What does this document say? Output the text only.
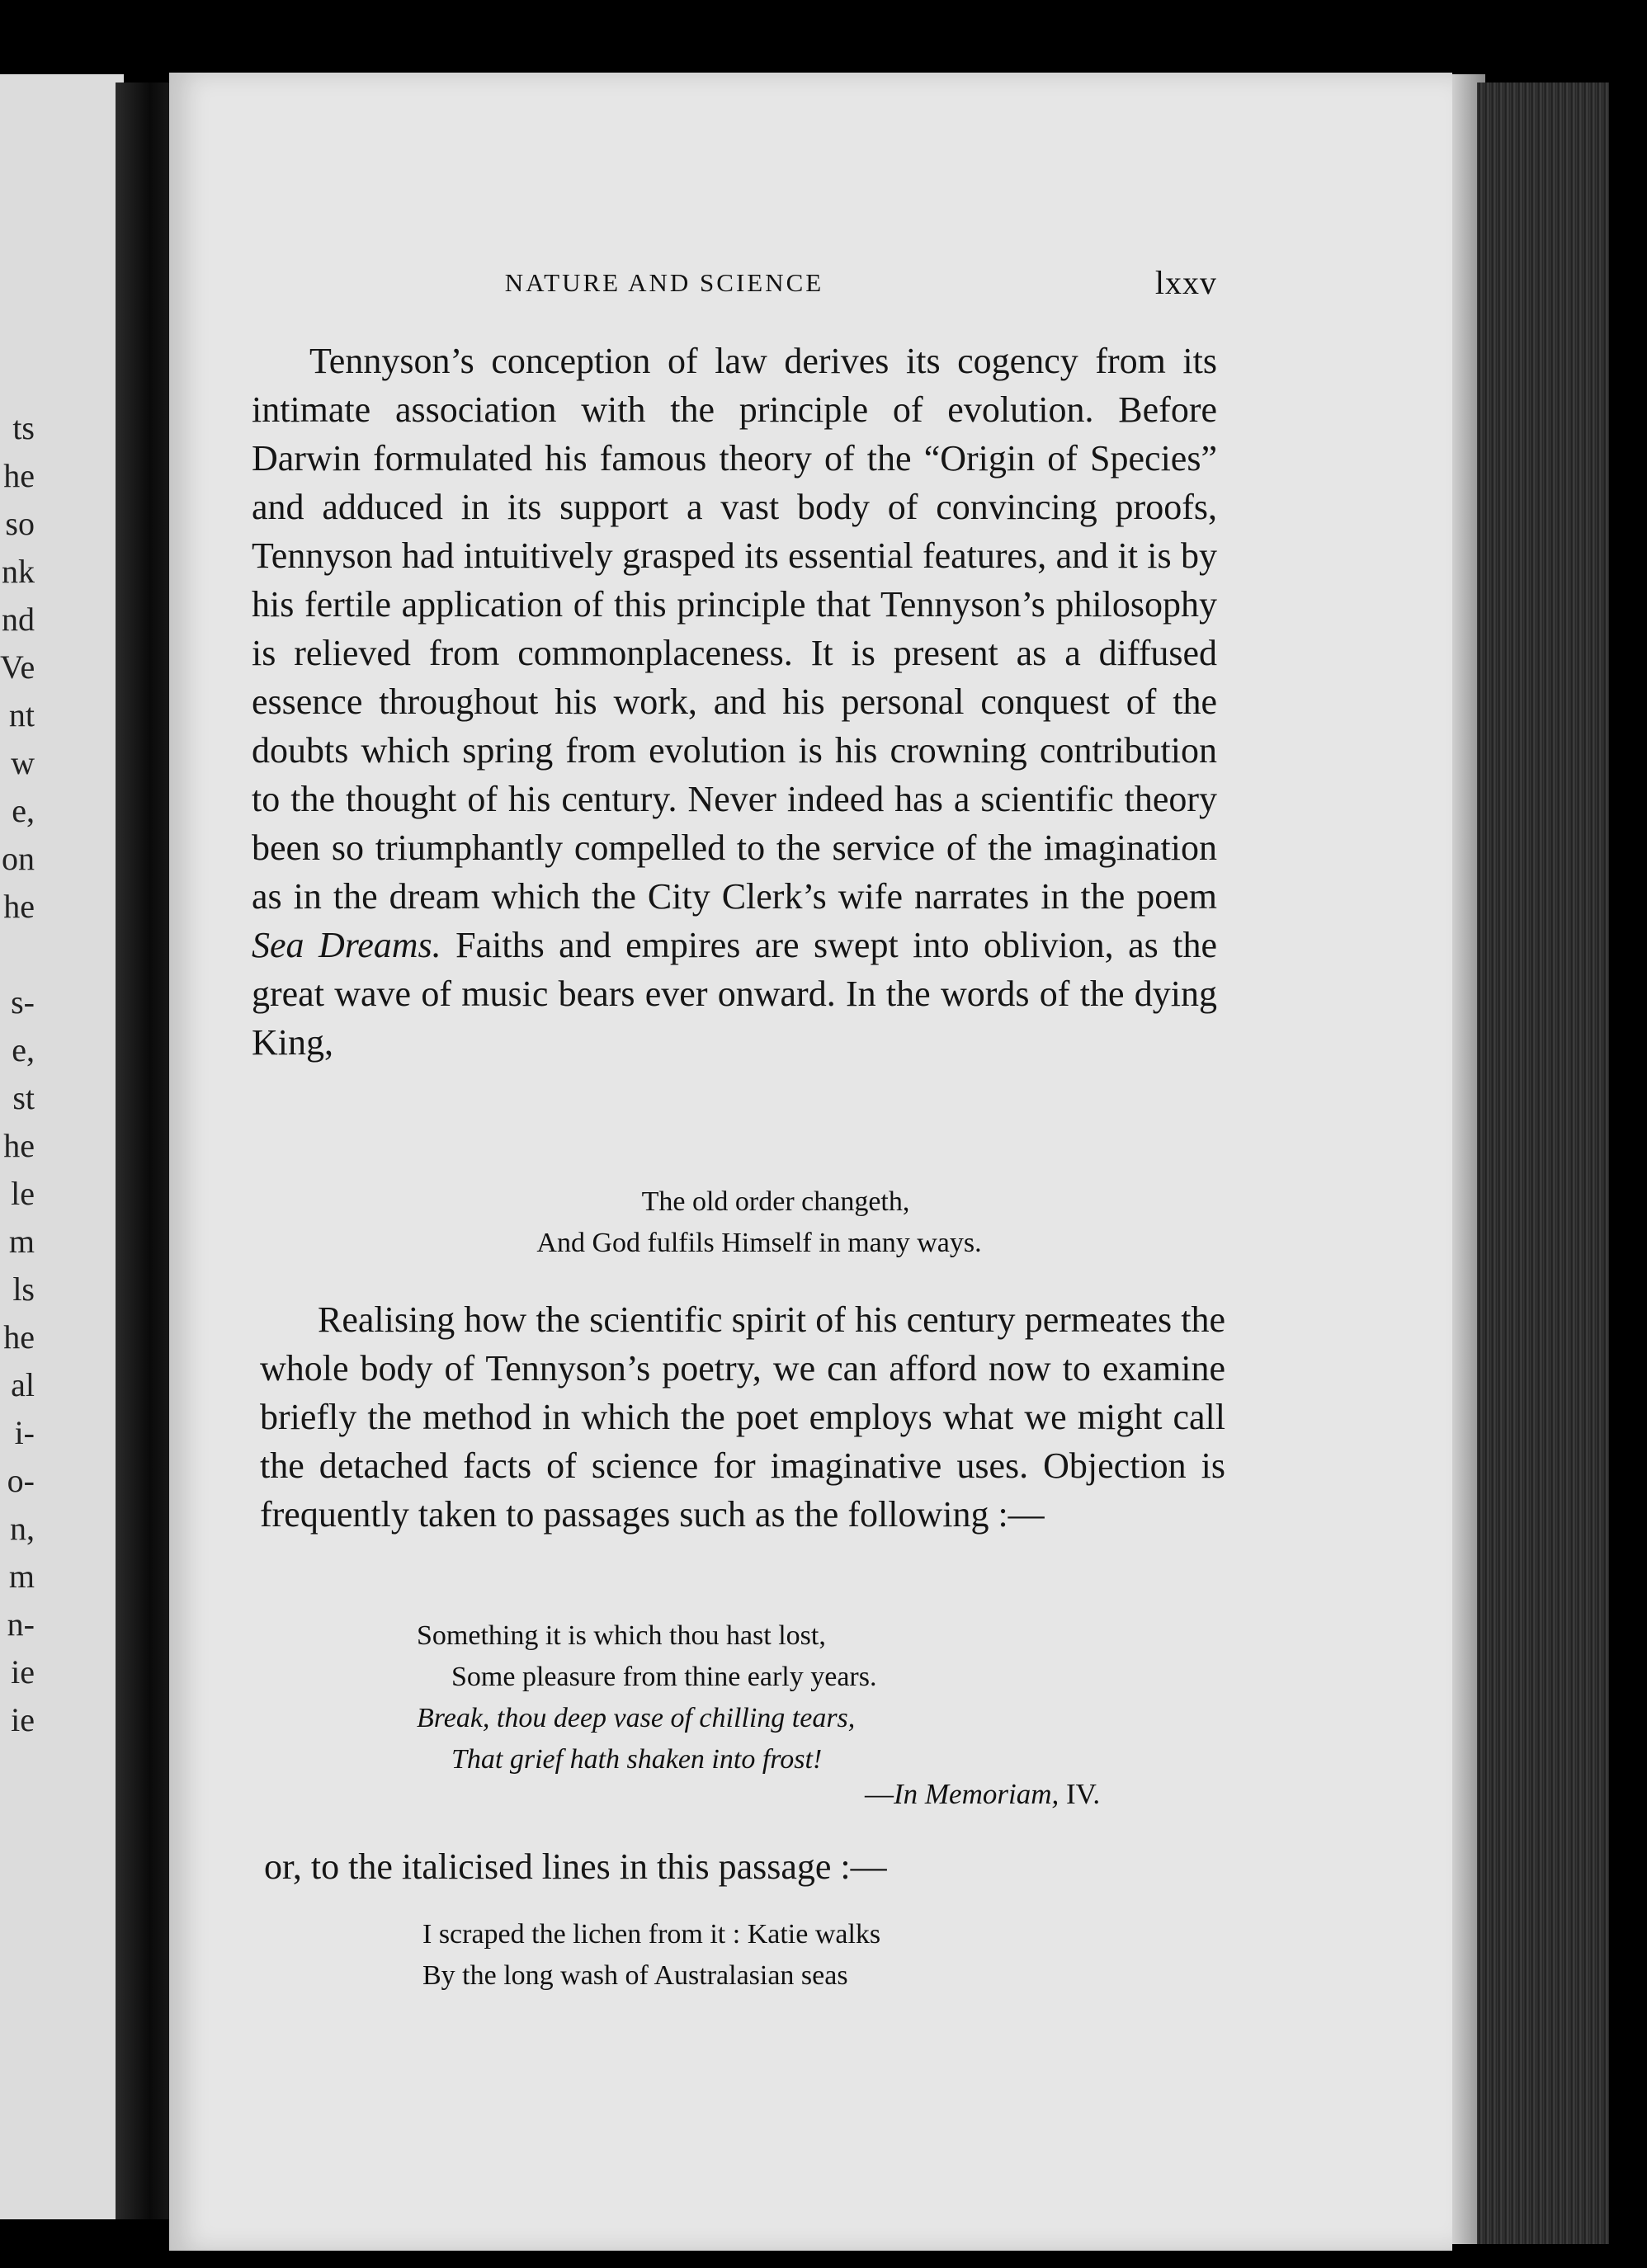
ts
he
so
nk
nd
Ve
nt
w
e,
on
he
s-
e,
st
he
le
m
ls
he
al
i-
o-
n,
m
n-
ie
ie
NATURE AND SCIENCE	lxxv
Tennyson’s conception of law derives its cogency from its intimate association with the principle of evolution. Before Darwin formulated his famous theory of the “Origin of Species” and adduced in its support a vast body of convincing proofs, Tennyson had intuitively grasped its essential features, and it is by his fertile application of this principle that Tennyson’s philosophy is relieved from commonplaceness. It is present as a diffused essence throughout his work, and his personal conquest of the doubts which spring from evolution is his crowning contribution to the thought of his century. Never indeed has a scientific theory been so triumphantly compelled to the service of the imagination as in the dream which the City Clerk’s wife narrates in the poem Sea Dreams. Faiths and empires are swept into oblivion, as the great wave of music bears ever onward. In the words of the dying King,
The old order changeth,
And God fulfils Himself in many ways.
Realising how the scientific spirit of his century permeates the whole body of Tennyson’s poetry, we can afford now to examine briefly the method in which the poet employs what we might call the detached facts of science for imaginative uses. Objection is frequently taken to passages such as the following :—
Something it is which thou hast lost,
Some pleasure from thine early years.
Break, thou deep vase of chilling tears,
That grief hath shaken into frost!
—In Memoriam, IV.
or, to the italicised lines in this passage :—
I scraped the lichen from it : Katie walks
By the long wash of Australasian seas
